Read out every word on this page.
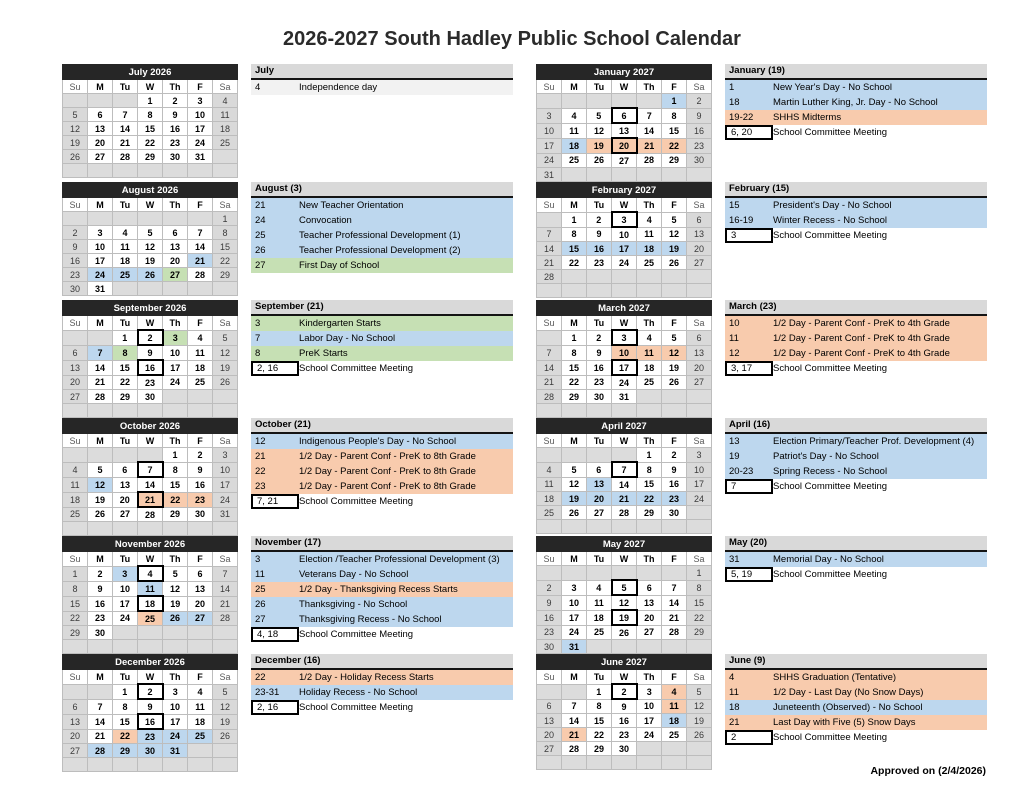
2026-2027 South Hadley Public School Calendar
July 2026						
Su	M	Tu	W	Th	F	Sa
			1	2	3	4
5	6	7	8	9	10	11
12	13	14	15	16	17	18
19	20	21	22	23	24	25
26	27	28	29	30	31	

July
4	Independence day
August 2026						
Su	M	Tu	W	Th	F	Sa
						1
2	3	4	5	6	7	8
9	10	11	12	13	14	15
16	17	18	19	20	21	22
23	24	25	26	27	28	29
30	31					
August (3)
21	New Teacher Orientation
24	Convocation
25	Teacher Professional Development (1)
26	Teacher Professional Development (2)
27	First Day of School
September 2026						
Su	M	Tu	W	Th	F	Sa
		1	2	3	4	5
6	7	8	9	10	11	12
13	14	15	16	17	18	19
20	21	22	23	24	25	26
27	28	29	30			

September (21)
3	Kindergarten Starts
7	Labor Day - No School
8	PreK Starts
2, 16	School Committee Meeting
October 2026						
Su	M	Tu	W	Th	F	Sa
				1	2	3
4	5	6	7	8	9	10
11	12	13	14	15	16	17
18	19	20	21	22	23	24
25	26	27	28	29	30	31

October (21)
12	Indigenous People's Day - No School
21	1/2 Day - Parent Conf - PreK to 8th Grade
22	1/2 Day - Parent Conf - PreK to 8th Grade
23	1/2 Day - Parent Conf - PreK to 8th Grade
7, 21	School Committee Meeting
November 2026						
Su	M	Tu	W	Th	F	Sa
1	2	3	4	5	6	7
8	9	10	11	12	13	14
15	16	17	18	19	20	21
22	23	24	25	26	27	28
29	30					

November (17)
3	Election /Teacher Professional Development (3)
11	Veterans Day - No School
25	1/2 Day - Thanksgiving Recess Starts
26	Thanksgiving - No School
27	Thanksgiving Recess - No School
4, 18	School Committee Meeting
December 2026						
Su	M	Tu	W	Th	F	Sa
		1	2	3	4	5
6	7	8	9	10	11	12
13	14	15	16	17	18	19
20	21	22	23	24	25	26
27	28	29	30	31		

December (16)
22	1/2 Day - Holiday Recess Starts
23-31	Holiday Recess - No School
2, 16	School Committee Meeting
January 2027						
Su	M	Tu	W	Th	F	Sa
					1	2
3	4	5	6	7	8	9
10	11	12	13	14	15	16
17	18	19	20	21	22	23
24	25	26	27	28	29	30
31						
January (19)
1	New Year's Day - No School
18	Martin Luther King, Jr. Day - No School
19-22	SHHS Midterms
6, 20	School Committee Meeting
February 2027						
Su	M	Tu	W	Th	F	Sa
	1	2	3	4	5	6
7	8	9	10	11	12	13
14	15	16	17	18	19	20
21	22	23	24	25	26	27
28						

February (15)
15	President's Day - No School
16-19	Winter Recess - No School
3	School Committee Meeting
March 2027						
Su	M	Tu	W	Th	F	Sa
	1	2	3	4	5	6
7	8	9	10	11	12	13
14	15	16	17	18	19	20
21	22	23	24	25	26	27
28	29	30	31			

March (23)
10	1/2 Day - Parent Conf - PreK to 4th Grade
11	1/2 Day - Parent Conf - PreK to 4th Grade
12	1/2 Day - Parent Conf - PreK to 4th Grade
3, 17	School Committee Meeting
April 2027						
Su	M	Tu	W	Th	F	Sa
				1	2	3
4	5	6	7	8	9	10
11	12	13	14	15	16	17
18	19	20	21	22	23	24
25	26	27	28	29	30	

April (16)
13	Election Primary/Teacher Prof. Development (4)
19	Patriot's Day - No School
20-23	Spring Recess - No School
7	School Committee Meeting
May 2027						
Su	M	Tu	W	Th	F	Sa
						1
2	3	4	5	6	7	8
9	10	11	12	13	14	15
16	17	18	19	20	21	22
23	24	25	26	27	28	29
30	31					
May (20)
31	Memorial Day - No School
5, 19	School Committee Meeting
June 2027						
Su	M	Tu	W	Th	F	Sa
		1	2	3	4	5
6	7	8	9	10	11	12
13	14	15	16	17	18	19
20	21	22	23	24	25	26
27	28	29	30			

June (9)
4	SHHS Graduation (Tentative)
11	1/2 Day - Last Day (No Snow Days)
18	Juneteenth (Observed) - No School
21	Last Day with Five (5) Snow Days
2	School Committee Meeting
Approved on (2/4/2026)
